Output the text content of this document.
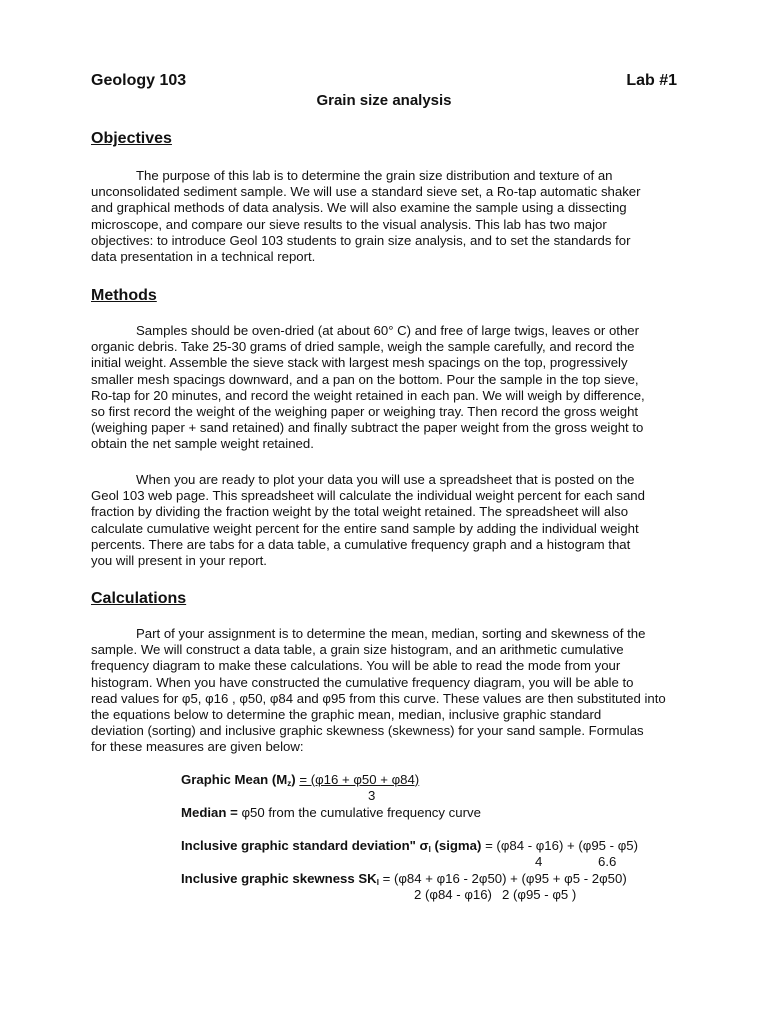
Geology 103	Lab #1
Grain size analysis
Objectives

The purpose of this lab is to determine the grain size distribution and texture of an
unconsolidated sediment sample. We will use a standard sieve set, a Ro-tap automatic shaker
and graphical methods of data analysis. We will also examine the sample using a dissecting
microscope, and compare our sieve results to the visual analysis. This lab has two major
objectives: to introduce Geol 103 students to grain size analysis, and to set the standards for
data presentation in a technical report.

Methods

Samples should be oven-dried (at about 60° C) and free of large twigs, leaves or other
organic debris. Take 25-30 grams of dried sample, weigh the sample carefully, and record the
initial weight. Assemble the sieve stack with largest mesh spacings on the top, progressively
smaller mesh spacings downward, and a pan on the bottom. Pour the sample in the top sieve,
Ro-tap for 20 minutes, and record the weight retained in each pan. We will weigh by difference,
so first record the weight of the weighing paper or weighing tray. Then record the gross weight
(weighing paper + sand retained) and finally subtract the paper weight from the gross weight to
obtain the net sample weight retained.

When you are ready to plot your data you will use a spreadsheet that is posted on the
Geol 103 web page. This spreadsheet will calculate the individual weight percent for each sand
fraction by dividing the fraction weight by the total weight retained. The spreadsheet will also
calculate cumulative weight percent for the entire sand sample by adding the individual weight
percents. There are tabs for a data table, a cumulative frequency graph and a histogram that
you will present in your report.

Calculations

Part of your assignment is to determine the mean, median, sorting and skewness of the
sample. We will construct a data table, a grain size histogram, and an arithmetic cumulative
frequency diagram to make these calculations. You will be able to read the mode from your
histogram. When you have constructed the cumulative frequency diagram, you will be able to
read values for φ5, φ16 , φ50, φ84 and φ95 from this curve. These values are then substituted into
the equations below to determine the graphic mean, median, inclusive graphic standard
deviation (sorting) and inclusive graphic skewness (skewness) for your sand sample. Formulas
for these measures are given below:

Graphic Mean $(M_z) = (\varphi 16 + \varphi 50 + \varphi 84)$
3
Median = φ50 from the cumulative frequency curve
Inclusive graphic standard deviation" $\sigma_I$ (sigma) = (φ84 - φ16) + (φ95 - φ5)
4	6.6
Inclusive graphic skewness $SK_I = (\varphi 84 + \varphi 16 - 2\varphi 50) + (\varphi 95 + \varphi 5 - 2\varphi 50)$
2 (φ84 - φ16) 2 (φ95 - φ5 )
